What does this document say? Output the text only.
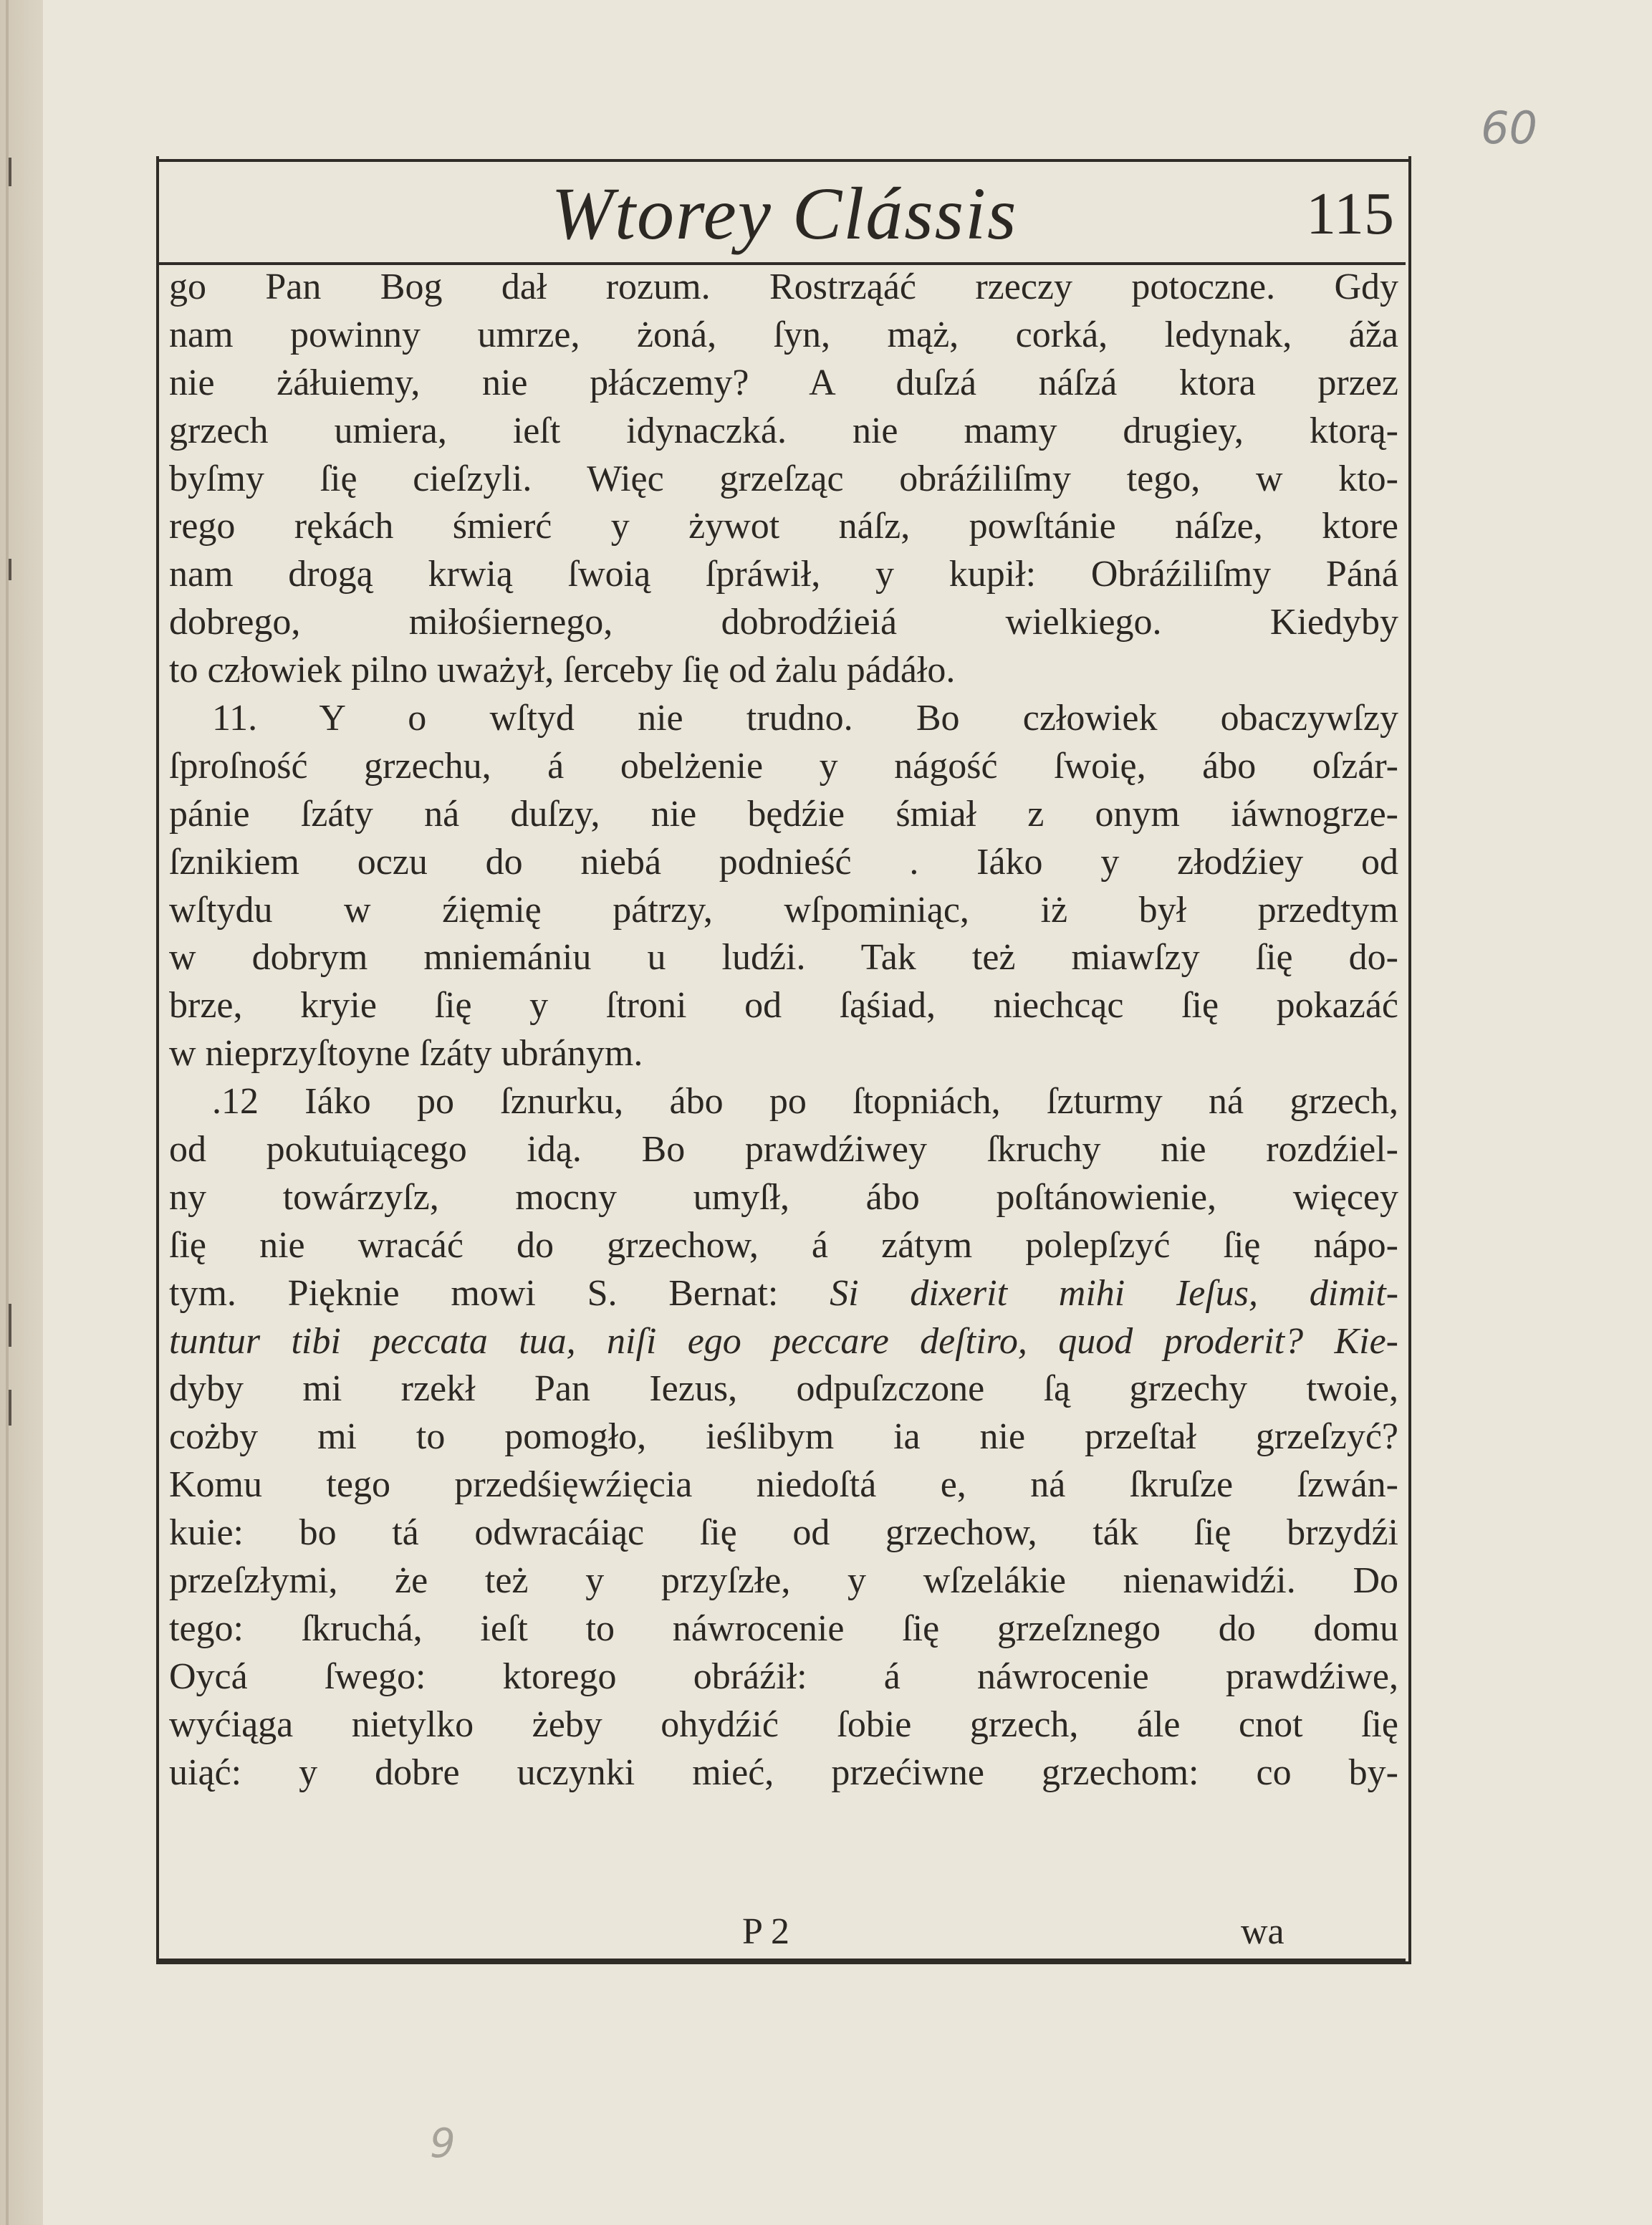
60
Wtorey Clássis	115
go Pan Bog dał rozum. Rostrząáć rzeczy potoczne. Gdy
nam powinny umrze, żoná, ſyn, mąż, corká, ledynak, áža
nie żáłuiemy, nie płáczemy? A duſzá náſzá ktora przez
grzech umiera, ieſt idynaczká. nie mamy drugiey, ktorą-
byſmy ſię cieſzyli. Więc grzeſząc obráźiliſmy tego, w kto-
rego rękách śmierć y żywot náſz, powſtánie náſze, ktore
nam drogą krwią ſwoią ſpráwił, y kupił: Obráźiliſmy Páná
dobrego, miłośiernego, dobrodźieiá wielkiego. Kiedyby
to człowiek pilno uważył, ſerceby ſię od żalu pádáło.
11. Y o wſtyd nie trudno. Bo człowiek obaczywſzy
ſproſność grzechu, á obelżenie y nágość ſwoię, ábo oſzár-
pánie ſzáty ná duſzy, nie będźie śmiał z onym iáwnogrze-
ſznikiem oczu do niebá podnieść . Iáko y złodźiey od
wſtydu w źięmię pátrzy, wſpominiąc, iż był przedtym
w dobrym mniemániu u ludźi. Tak też miawſzy ſię do-
brze, kryie ſię y ſtroni od ſąśiad, niechcąc ſię pokazáć
w nieprzyſtoyne ſzáty ubránym.
.12 Iáko po ſznurku, ábo po ſtopniách, ſzturmy ná grzech,
od pokutuiącego idą. Bo prawdźiwey ſkruchy nie rozdźiel-
ny towárzyſz, mocny umyſł, ábo poſtánowienie, więcey
ſię nie wracáć do grzechow, á zátym polepſzyć ſię nápo-
tym. Pięknie mowi S. Bernat: Si dixerit mihi Ieſus, dimit-
tuntur tibi peccata tua, niſi ego peccare deſtiro, quod proderit? Kie-
dyby mi rzekł Pan Iezus, odpuſzczone ſą grzechy twoie,
cożby mi to pomogło, ieślibym ia nie przeſtał grzeſzyć?
Komu tego przedśięwźięcia niedoſtá e, ná ſkruſze ſzwán-
kuie: bo tá odwracáiąc ſię od grzechow, ták ſię brzydźi
przeſzłymi, że też y przyſzłe, y wſzelákie nienawidźi. Do
tego: ſkruchá, ieſt to náwrocenie ſię grzeſznego do domu
Oycá ſwego: ktorego obráźił: á náwrocenie prawdźiwe,
wyćiąga nietylko żeby ohydźić ſobie grzech, ále cnot ſię
uiąć: y dobre uczynki mieć, przećiwne grzechom: co by-
P 2	wa
9
